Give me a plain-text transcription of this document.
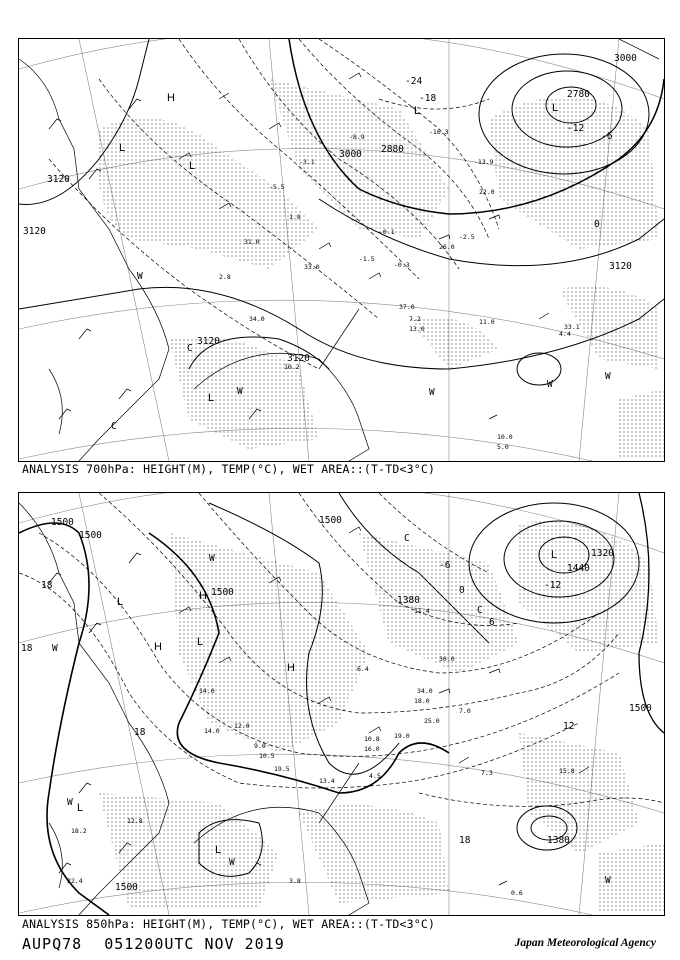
31.0
33.0
-0.1
-2.5
26.0
37.0
13.0
11.0
10.0
5.0
-13.9
22.0
-16.3
10.2
-8.9
-3.1
-5.5
1.8
-0.3
34.0	7.2
4.4
2.8
-1.5
33.1
3000
3000 2880
2780
3120
3120
3120
3120
3120
-24
-18
-12
-6
0
L	L
L
L
L
H
W
W	W
W
W
C
C
ANALYSIS 700hPa: HEIGHT(M), TEMP(°C), WET AREA::(T-TD<3°C)
12.0
14.0
9.0
11.4
18.0
25.0
34.0
19.0
10.8
16.0
7.3	15.8
18.2
12.8
3.8
0.6
13.4
22.4
14.0
6.4
10.5
19.5
7.0
4.5
30.0
1500
1500
1500
1500
1500
1440
1380
1380
1320
1500
18
18
18
18
12
6
0
-6
-12
L
L
L
L
L
H
H
H
W
W
W
W
W
C
C
ANALYSIS 850hPa: HEIGHT(M), TEMP(°C), WET AREA::(T-TD<3°C)
AUPQ78 051200UTC NOV 2019	Japan Meteorological Agency
